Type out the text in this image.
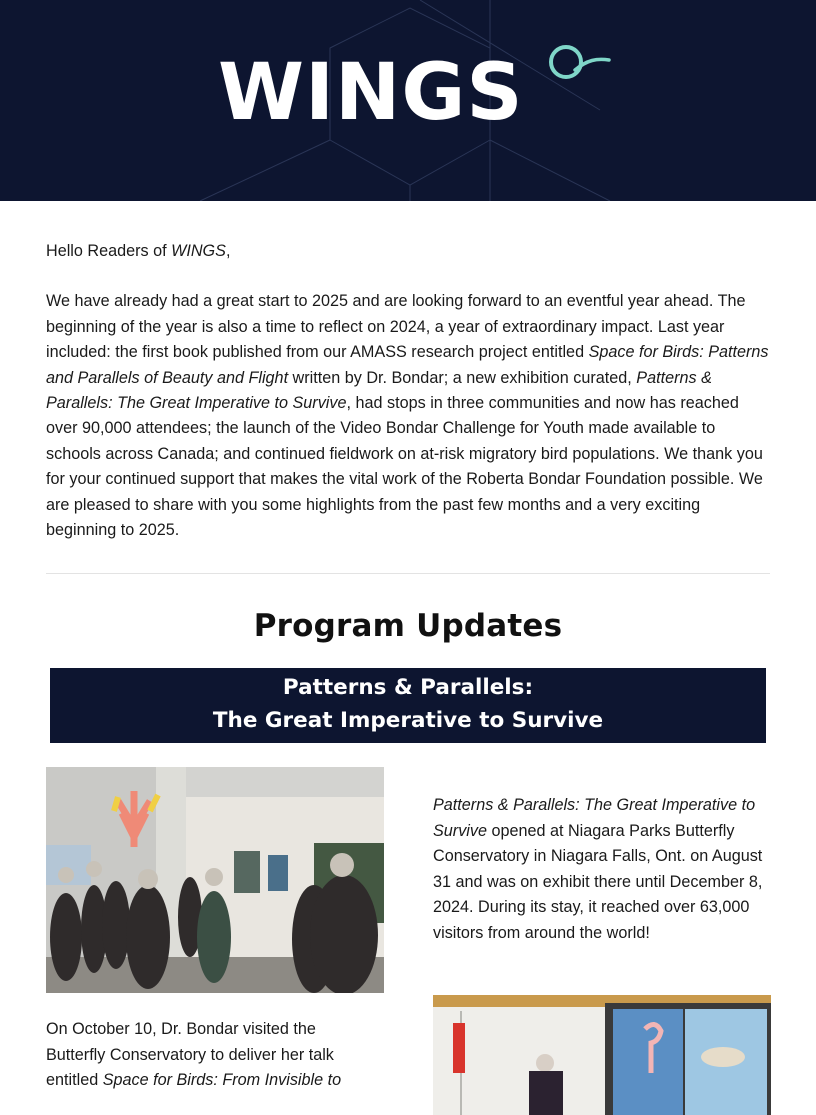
WINGS

Hello Readers of WINGS,

We have already had a great start to 2025 and are looking forward to an eventful year ahead. The beginning of the year is also a time to reflect on 2024, a year of extraordinary impact. Last year included: the first book published from our AMASS research project entitled Space for Birds: Patterns and Parallels of Beauty and Flight written by Dr. Bondar; a new exhibition curated, Patterns & Parallels: The Great Imperative to Survive, had stops in three communities and now has reached over 90,000 attendees; the launch of the Video Bondar Challenge for Youth made available to schools across Canada; and continued fieldwork on at-risk migratory bird populations. We thank you for your continued support that makes the vital work of the Roberta Bondar Foundation possible. We are pleased to share with you some highlights from the past few months and a very exciting beginning to 2025.

Program Updates
Patterns & Parallels:
The Great Imperative to Survive

Patterns & Parallels: The Great Imperative to Survive opened at Niagara Parks Butterfly Conservatory in Niagara Falls, Ont. on August 31 and was on exhibit there until December 8, 2024. During its stay, it reached over 63,000 visitors from around the world!

On October 10, Dr. Bondar visited the Butterfly Conservatory to deliver her talk entitled Space for Birds: From Invisible to
